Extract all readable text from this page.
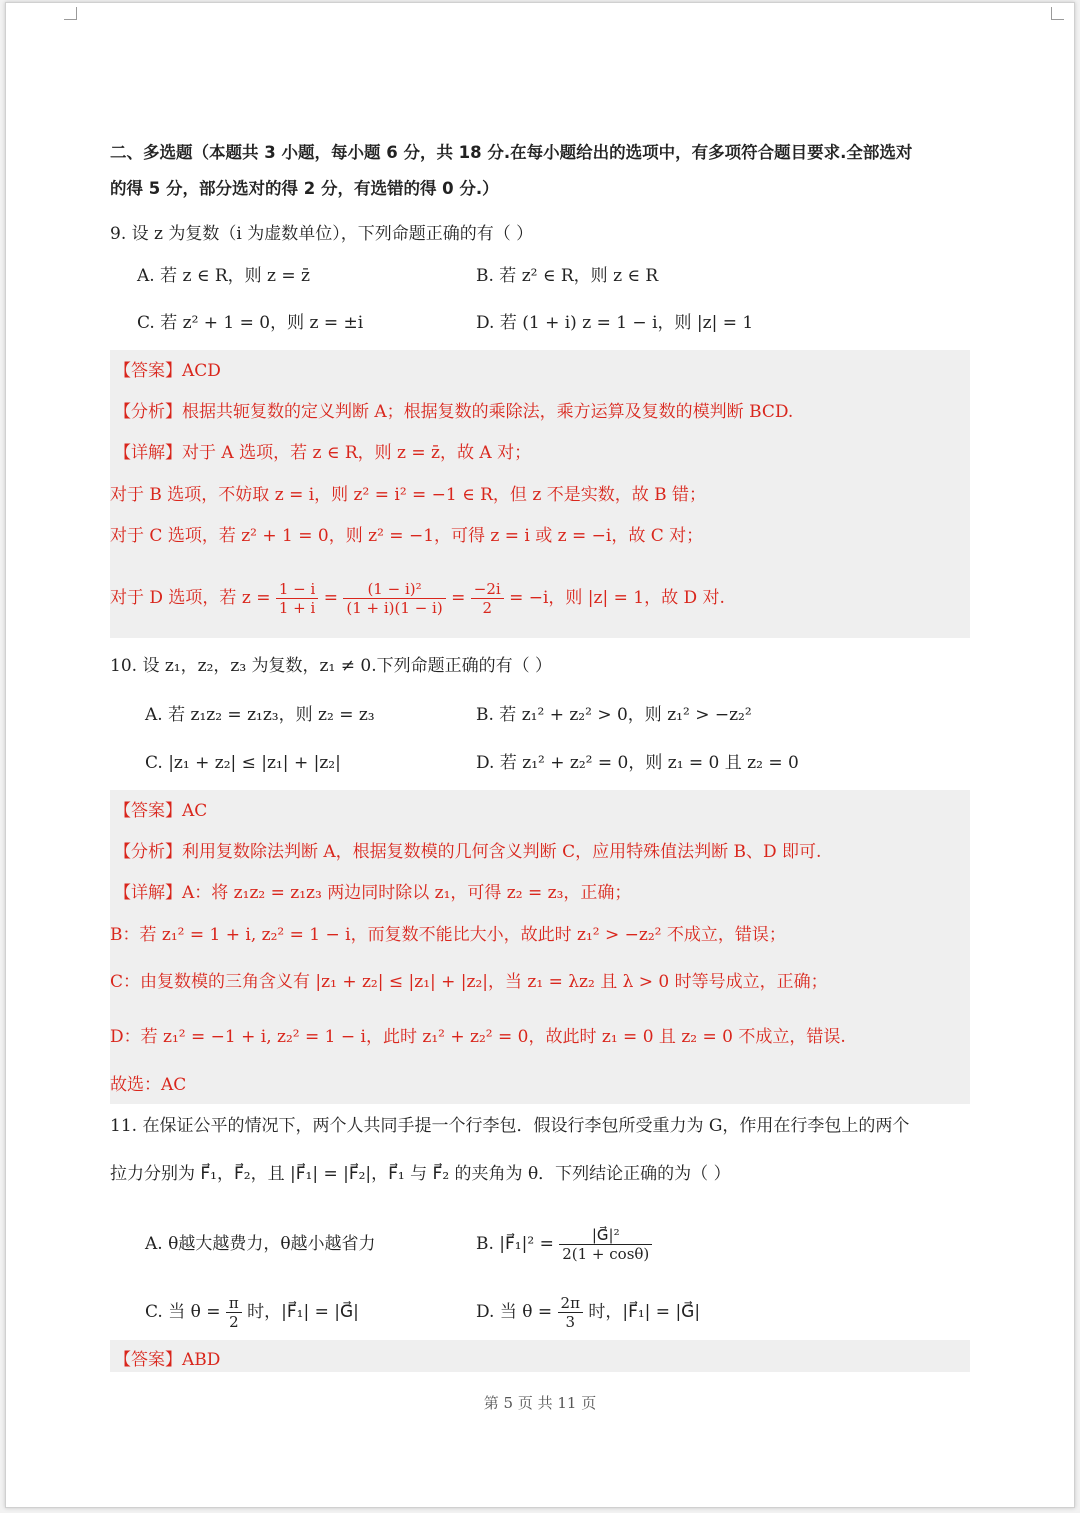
二、多选题（本题共 3 小题，每小题 6 分，共 18 分.在每小题给出的选项中，有多项符合题目要求.全部选对
的得 5 分，部分选对的得 2 分，有选错的得 0 分.）
9. 设 z 为复数（i 为虚数单位），下列命题正确的有（ ）
A. 若 z ∈ R，则 z = z̄	B. 若 z² ∈ R，则 z ∈ R
C. 若 z² + 1 = 0，则 z = ±i	D. 若 (1 + i) z = 1 − i，则 |z| = 1
【答案】ACD
【分析】根据共轭复数的定义判断 A；根据复数的乘除法，乘方运算及复数的模判断 BCD.
【详解】对于 A 选项，若 z ∈ R，则 z = z̄，故 A 对；
对于 B 选项，不妨取 z = i，则 z² = i² = −1 ∈ R，但 z 不是实数，故 B 错；
对于 C 选项，若 z² + 1 = 0，则 z² = −1，可得 z = i 或 z = −i，故 C 对；
对于 D 选项，若 $z = \frac{1 - i}{1 + i} = \frac{\text{(1 − i)²}}{(1 + i)(1 - i)} = \frac{-2i}{2} = -i$，则 |z| = 1，故 D 对.
10. 设 z₁，z₂，z₃ 为复数，z₁ ≠ 0.下列命题正确的有（ ）
A. 若 z₁z₂ = z₁z₃，则 z₂ = z₃	B. 若 z₁² + z₂² > 0，则 z₁² > −z₂²
C. |z₁ + z₂| ≤ |z₁| + |z₂|	D. 若 z₁² + z₂² = 0，则 z₁ = 0 且 z₂ = 0
【答案】AC
【分析】利用复数除法判断 A，根据复数模的几何含义判断 C，应用特殊值法判断 B、D 即可.
【详解】A：将 z₁z₂ = z₁z₃ 两边同时除以 z₁，可得 z₂ = z₃，正确；
B：若 z₁² = 1 + i, z₂² = 1 − i，而复数不能比大小，故此时 z₁² > −z₂² 不成立，错误；
C：由复数模的三角含义有 |z₁ + z₂| ≤ |z₁| + |z₂|，当 z₁ = λz₂ 且 λ > 0 时等号成立，正确；
D：若 z₁² = −1 + i, z₂² = 1 − i，此时 z₁² + z₂² = 0，故此时 z₁ = 0 且 z₂ = 0 不成立，错误.
故选：AC
11. 在保证公平的情况下，两个人共同手提一个行李包．假设行李包所受重力为 G，作用在行李包上的两个
拉力分别为 F⃗₁，F⃗₂，且 |F⃗₁| = |F⃗₂|，F⃗₁ 与 F⃗₂ 的夹角为 θ．下列结论正确的为（ ）
A. θ越大越费力，θ越小越省力	B. |F⃗₁|² = $\frac{\text{|G⃗|²}}{2(1 + \cos\theta)}$
C. 当 $\theta = \frac{\pi}{2}$ 时，|F⃗₁| = |G⃗|	D. 当 $\theta = \frac{2\pi}{3}$ 时，|F⃗₁| = |G⃗|
【答案】ABD
第 5 页 共 11 页
